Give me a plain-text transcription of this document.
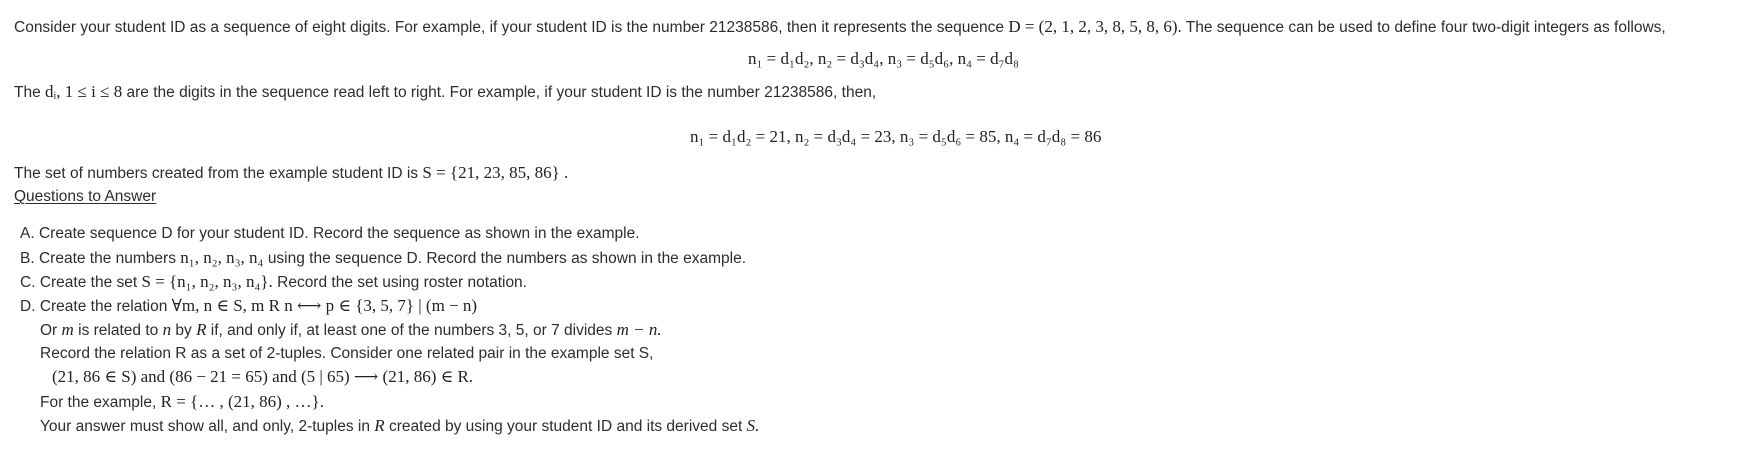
Consider your student ID as a sequence of eight digits. For example, if your student ID is the number 21238586, then it represents the sequence D = (2, 1, 2, 3, 8, 5, 8, 6). The sequence can be used to define four two-digit integers as follows,
n₁ = d₁d₂, n₂ = d₃d₄, n₃ = d₅d₆, n₄ = d₇d₈
The dᵢ, 1 ≤ i ≤ 8 are the digits in the sequence read left to right. For example, if your student ID is the number 21238586, then,
n₁ = d₁d₂ = 21, n₂ = d₃d₄ = 23, n₃ = d₅d₆ = 85, n₄ = d₇d₈ = 86
The set of numbers created from the example student ID is S = {21, 23, 85, 86} .
Questions to Answer
A. Create sequence D for your student ID. Record the sequence as shown in the example.
B. Create the numbers n₁, n₂, n₃, n₄ using the sequence D. Record the numbers as shown in the example.
C. Create the set S = {n₁, n₂, n₃, n₄}. Record the set using roster notation.
D. Create the relation ∀m, n ∈ S, m R n ⟷ p ∈ {3, 5, 7} | (m − n)
Or m is related to n by R if, and only if, at least one of the numbers 3, 5, or 7 divides m − n.
Record the relation R as a set of 2-tuples. Consider one related pair in the example set S,
(21, 86 ∈ S) and (86 − 21 = 65) and (5 | 65) ⟶ (21, 86) ∈ R.
For the example, R = {… , (21, 86) , …}.
Your answer must show all, and only, 2-tuples in R created by using your student ID and its derived set S.
